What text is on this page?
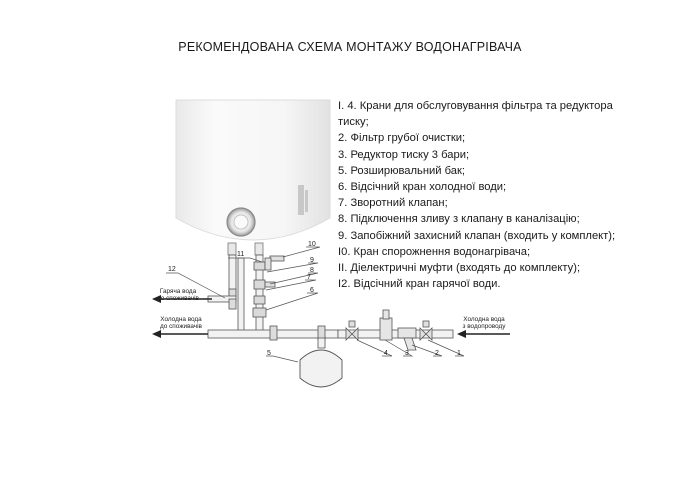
РЕКОМЕНДОВАНА СХЕМА МОНТАЖУ ВОДОНАГРІВАЧА
І. 4. Крани для обслуговування фільтра та редуктора тиску;
2. Фільтр грубої очистки;
3. Редуктор тиску 3 бари;
5. Розширювальний бак;
6. Відсічний кран холодної води;
7. Зворотний клапан;
8. Підключення зливу з клапану в каналізацію;
9. Запобіжний захисний клапан (входить у комплект);
І0. Кран спорожнення водонагрівача;
ІІ. Діелектричні муфти (входять до комплекту);
І2. Відсічний кран гарячої води.
12
11
10
9
8
7
6
5	4 3	2	1
Гаряча вода
до споживачів
Холодна вода
до споживачів
Холодна вода
з водопроводу
